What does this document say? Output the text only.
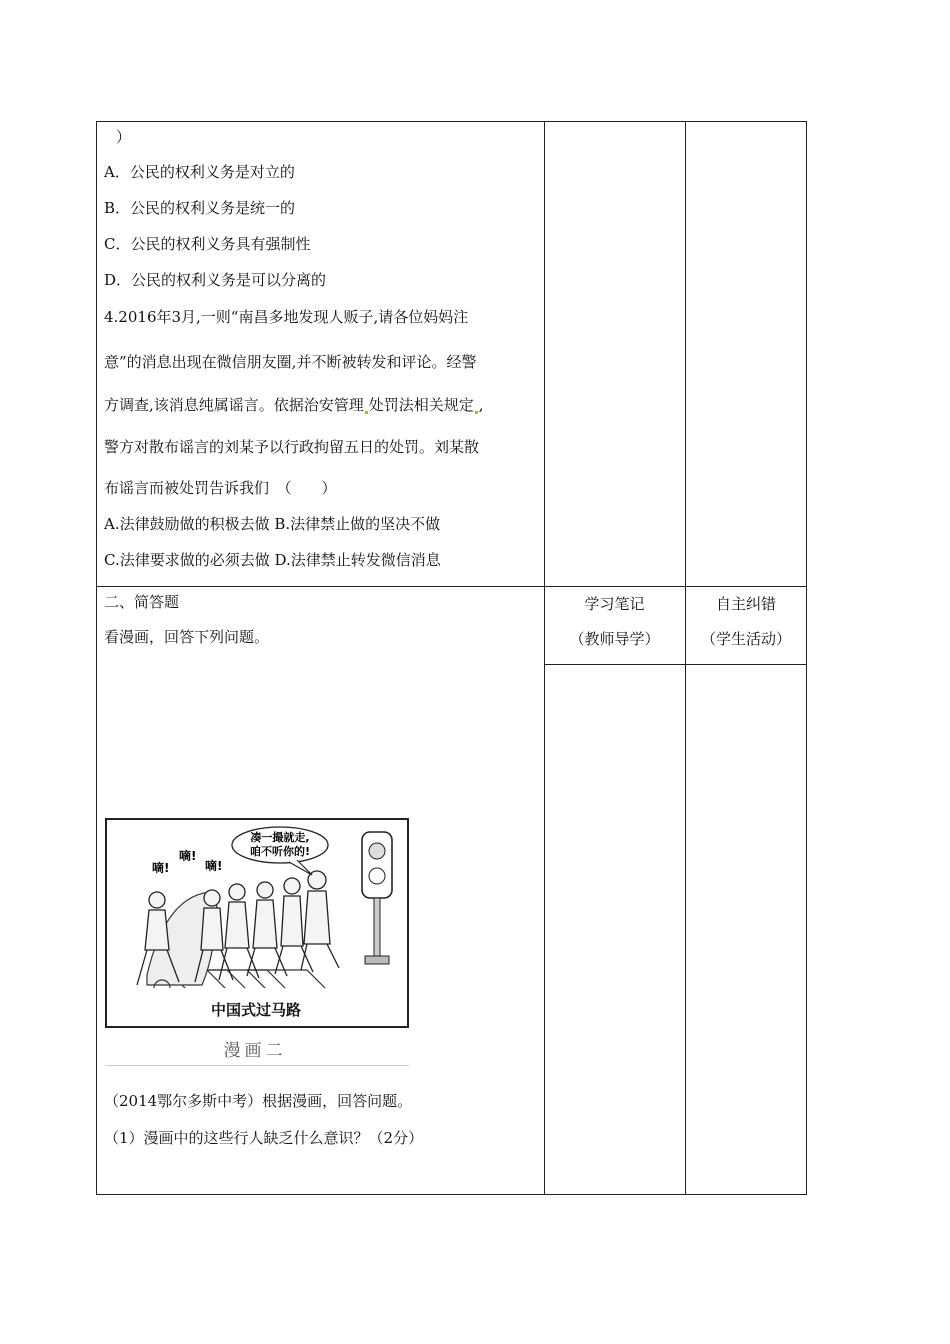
）
A．公民的权利义务是对立的
B．公民的权利义务是统一的
C．公民的权利义务具有强制性
D．公民的权利义务是可以分离的
4.2016年3月,一则“南昌多地发现人贩子,请各位妈妈注
意”的消息出现在微信朋友圈,并不断被转发和评论。经警
方调查,该消息纯属谣言。依据治安管理 处罚法相关规定 ,
警方对散布谣言的刘某予以行政拘留五日的处罚。刘某散
布谣言而被处罚告诉我们　（　　）
A.法律鼓励做的积极去做 B.法律禁止做的坚决不做
C.法律要求做的必须去做 D.法律禁止转发微信消息
二、简答题
看漫画，回答下列问题。
学习笔记
（教师导学）
自主纠错
（学生活动）
凑一撮就走,
咱不听你的!
嘀!
嘀!
嘀!
中国式过马路
漫画二
（2014鄂尔多斯中考）根据漫画，回答问题。
（1）漫画中的这些行人缺乏什么意识？（2分）
